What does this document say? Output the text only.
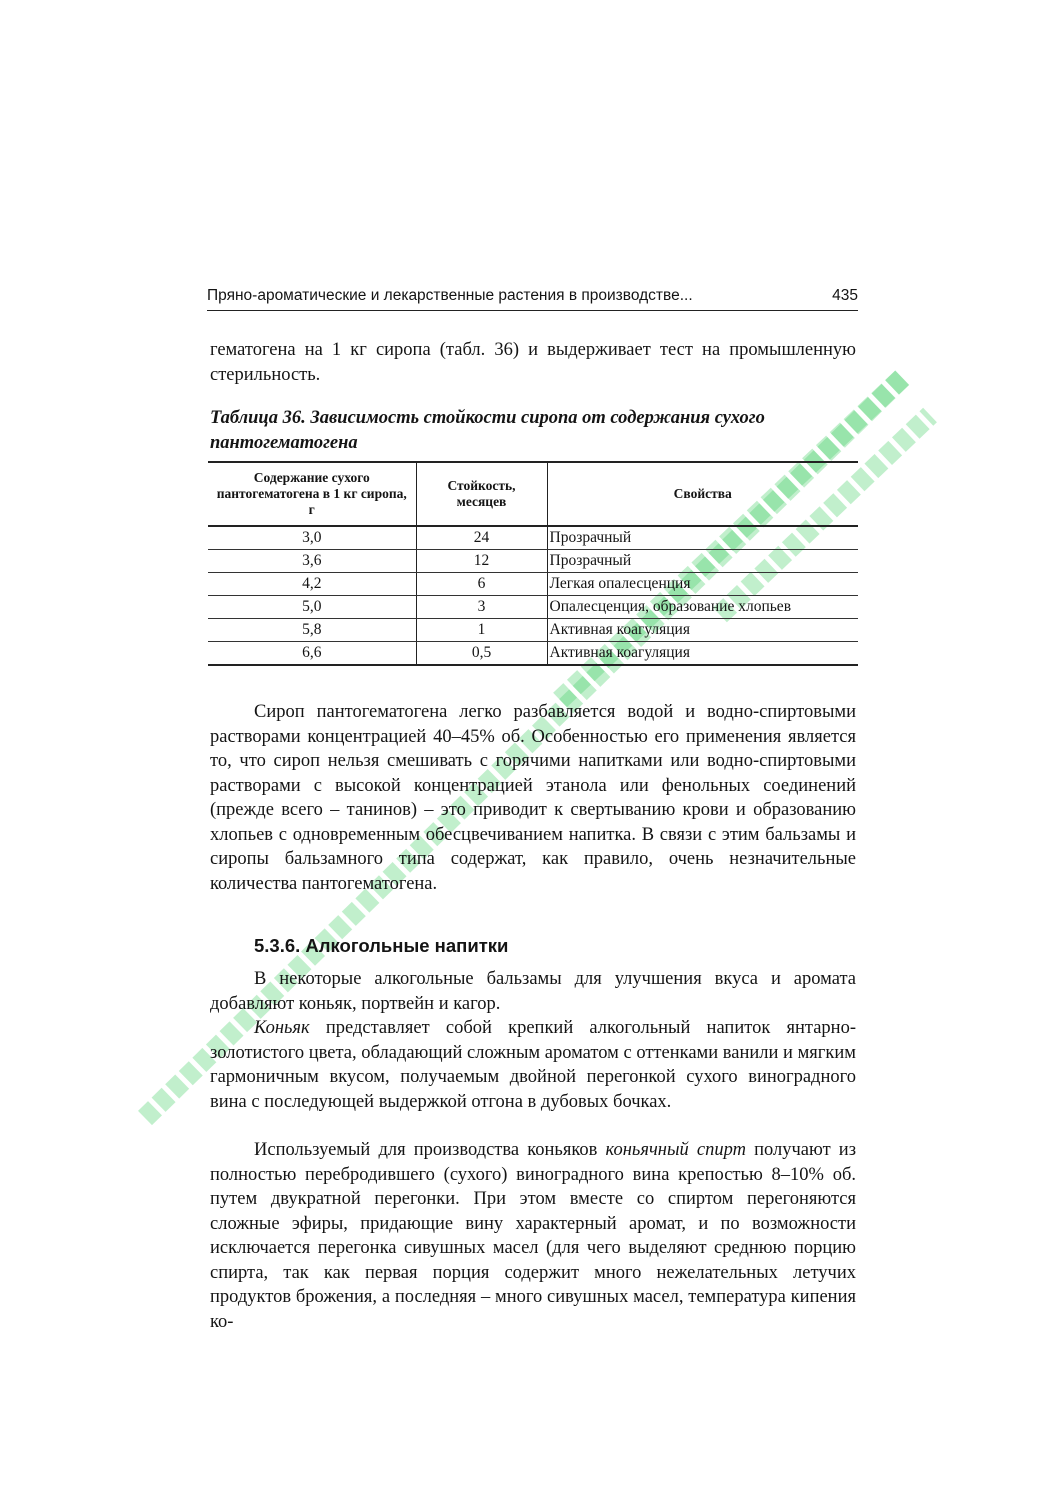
Пряно-ароматические и лекарственные растения в производстве...	435

гематогена на 1 кг сиропа (табл. 36) и выдерживает тест на промышленную стерильность.

Таблица 36. Зависимость стойкости сиропа от содержания сухого пантогематогена

Содержание сухого пантогематогена в 1 кг сиропа, г	Стойкость, месяцев	Свойства
3,0	24	Прозрачный
3,6	12	Прозрачный
4,2	6	Легкая опалесценция
5,0	3	Опалесценция, образование хлопьев
5,8	1	Активная коагуляция
6,6	0,5	Активная коагуляция

Сироп пантогематогена легко разбавляется водой и водно-спиртовыми растворами концентрацией 40–45% об. Особенностью его применения является то, что сироп нельзя смешивать с горячими напитками или водно-спиртовыми растворами с высокой концентрацией этанола или фенольных соединений (прежде всего – танинов) – это приводит к свертыванию крови и образованию хлопьев с одновременным обесцвечиванием напитка. В связи с этим бальзамы и сиропы бальзамного типа содержат, как правило, очень незначительные количества пантогематогена.

5.3.6. Алкогольные напитки

В некоторые алкогольные бальзамы для улучшения вкуса и аромата добавляют коньяк, портвейн и кагор.

Коньяк представляет собой крепкий алкогольный напиток янтарно-золотистого цвета, обладающий сложным ароматом с оттенками ванили и мягким гармоничным вкусом, получаемым двойной перегонкой сухого виноградного вина с последующей выдержкой отгона в дубовых бочках.

Используемый для производства коньяков коньячный спирт получают из полностью перебродившего (сухого) виноградного вина крепостью 8–10% об. путем двукратной перегонки. При этом вместе со спиртом перегоняются сложные эфиры, придающие вину характерный аромат, и по возможности исключается перегонка сивушных масел (для чего выделяют среднюю порцию спирта, так как первая порция содержит много нежелательных летучих продуктов брожения, а последняя – много сивушных масел, температура кипения ко-
